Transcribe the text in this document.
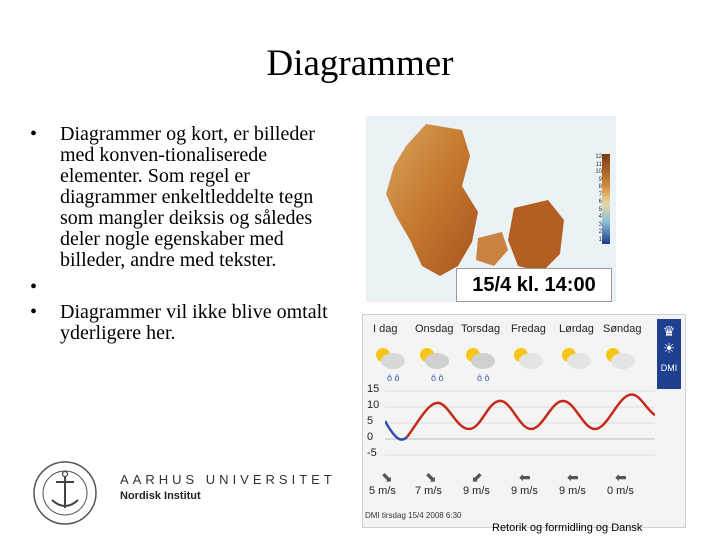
Diagrammer
• Diagrammer og kort, er billeder med konven-tionaliserede elementer. Som regel er diagrammer enkeltleddelte tegn som mangler deiksis og således deler nogle egenskaber med billeder, andre med tekster.
•

• Diagrammer vil ikke blive omtalt yderligere her.
12
11
10
9
8
7
6
5
4
3
2
1
15/4 kl. 14:00
I dag Onsdag Torsdag Fredag Lørdag Søndag	♛
☀
DMI
ô ô	ô ô	ô ô
15
10
5
0
-5
⬊ ⬊ ⬋	⬅	⬅	⬅
5 m/s 7 m/s 9 m/s 9 m/s 9 m/s 0 m/s
DMI tirsdag 15/4 2008 6:30
AARHUS UNIVERSITET
Nordisk Institut
Retorik og formidling og Dansk
